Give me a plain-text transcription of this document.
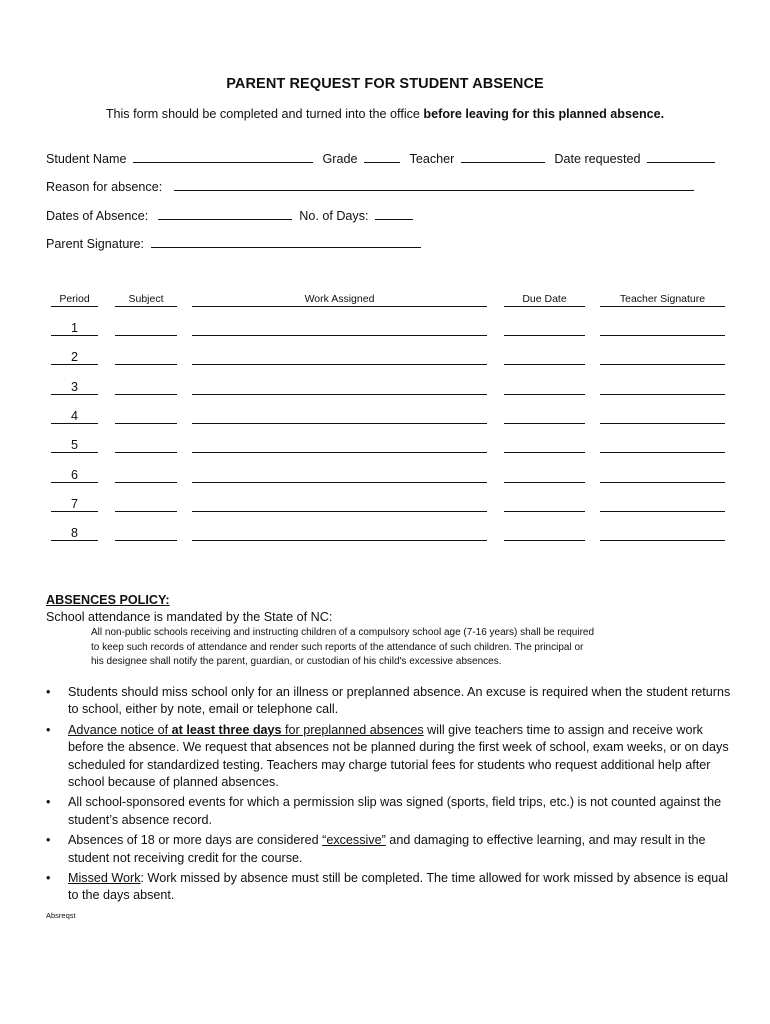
PARENT REQUEST FOR STUDENT ABSENCE
This form should be completed and turned into the office before leaving for this planned absence.
Student Name	Grade	Teacher	Date requested
Reason for absence:
Dates of Absence:	No. of Days:
Parent Signature:
Period	Subject	Work Assigned	Due Date	Teacher Signature
1
2
3
4
5
6
7
8
ABSENCES POLICY:
School attendance is mandated by the State of NC:
All non-public schools receiving and instructing children of a compulsory school age (7-16 years) shall be required
to keep such records of attendance and render such reports of the attendance of such children. The principal or
his designee shall notify the parent, guardian, or custodian of his child's excessive absences.
• Students should miss school only for an illness or preplanned absence. An excuse is required when the student returns to school, either by note, email or telephone call.
• Advance notice of at least three days for preplanned absences will give teachers time to assign and receive work before the absence. We request that absences not be planned during the first week of school, exam weeks, or on days scheduled for standardized testing. Teachers may charge tutorial fees for students who request additional help after school because of planned absences.
• All school-sponsored events for which a permission slip was signed (sports, field trips, etc.) is not counted against the student’s absence record.
• Absences of 18 or more days are considered “excessive” and damaging to effective learning, and may result in the student not receiving credit for the course.
• Missed Work: Work missed by absence must still be completed. The time allowed for work missed by absence is equal to the days absent.
Absreqst
